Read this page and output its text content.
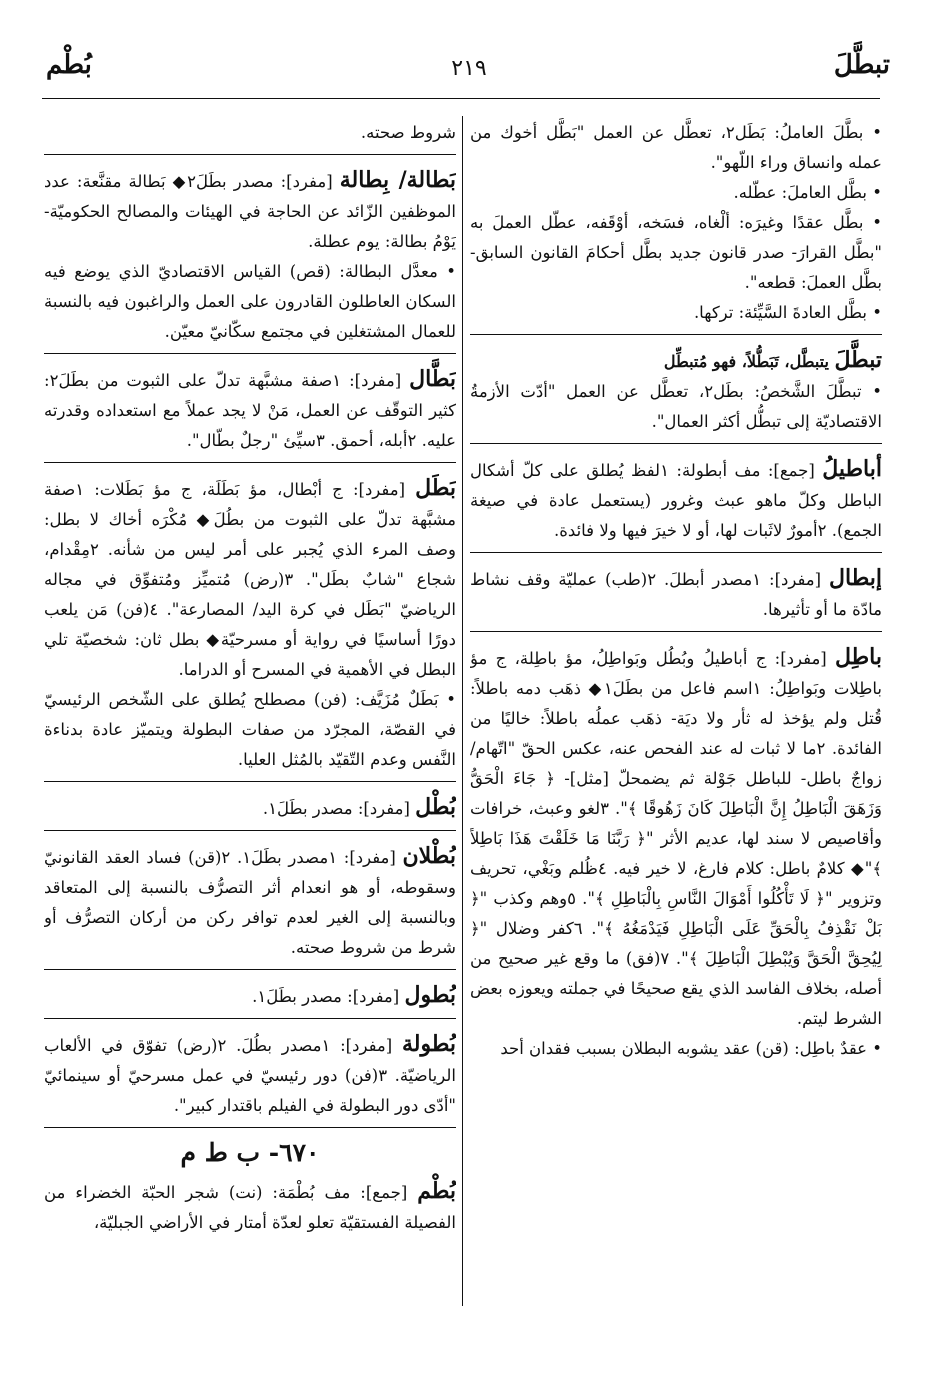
تبطَّلَ
٢١٩
بُطْم

• بطَّلَ العاملُ: بَطَل٢، تعطَّل عن العمل "بَطَّل أخوك من عمله وانساق وراء اللّهو".

• بطَّل العاملَ: عطّله.

• بطَّل عقدًا وغيرَه: ألْغاه، فسَخه، أوْقَفه، عطّل العملَ به "بطَّل القرارَ- صدر قانون جديد بطَّل أحكامَ القانون السابق- بطَّل العملَ: قطعه".

• بطَّل العادةَ السَّيِّئة: تركها.

تبطَّلَ يتبطَّل، تَبَطُّلاً، فهو مُتبطِّل

• تبطَّلَ الشَّخصُ: بطَل٢، تعطَّل عن العمل "أدّت الأزمةُ الاقتصاديّة إلى تبطُّل أكثر العمال".

أباطيلُ [جمع]: مف أبطولة: ١لفظ يُطلق على كلّ أشكال الباطل وكلّ ماهو عبث وغرور (يستعمل عادة في صيغة الجمع). ٢أمورٌ لاثَبات لها، أو لا خيرَ فيها ولا فائدة.

إبطال [مفرد]: ١مصدر أبطلَ. ٢(طب) عمليّة وقف نشاط مادّة ما أو تأثيرها.

باطِل [مفرد]: ج أباطيلُ وبُطُل وبَواطِلُ، مؤ باطِلة، ج مؤ باطِلات وبَواطِلُ: ١اسم فاعل من بطَلَ١◆ ذهَب دمه باطلاً: قُتل ولم يؤخذ له ثأر ولا ديَة- ذهَب عملُه باطلاً: خاليًا من الفائدة. ٢ما لا ثبات له عند الفحص عنه، عكس الحقّ "اتّهام/ زواجٌ باطل- للباطل جَوْلة ثم يضمحلّ [مثل]- ﴿ جَاءَ الْحَقُّ وَزَهَقَ الْبَاطِلُ إِنَّ الْبَاطِلَ كَانَ زَهُوقًا ﴾". ٣لغو وعبث، خرافات وأقاصيص لا سند لها، عديم الأثر "﴿ رَبَّنَا مَا خَلَقْتَ هَذَا بَاطِلاً ﴾"◆ كلامٌ باطل: كلام فارغ، لا خير فيه. ٤ظُلم وبَغْي، تحريف وتزوير "﴿ لَا تَأْكُلُوا أَمْوَالَ النَّاسِ بِالْبَاطِلِ ﴾". ٥وهم وكذب "﴿ بَلْ نَقْذِفُ بِالْحَقِّ عَلَى الْبَاطِلِ فَيَدْمَغُهُ ﴾". ٦كفر وضلال "﴿ لِيُحِقَّ الْحَقَّ وَيُبْطِلَ الْبَاطِلَ ﴾". ٧(فق) ما وقع غير صحيح من أصله، بخلاف الفاسد الذي يقع صحيحًا في جملته ويعوزه بعض الشرط ليتم.

• عقدٌ باطِل: (قن) عقد يشوبه البطلان بسبب فقدان أحد

شروط صحته.

بَطالة/ بِطالة [مفرد]: مصدر بطَلَ٢◆ بَطالة مقنَّعة: عدد الموظفين الزّائد عن الحاجة في الهيئات والمصالح الحكوميّة- يَوْمُ بطالة: يوم عطلة.

• معدَّل البطالة: (قص) القياس الاقتصاديّ الذي يوضع فيه السكان العاطلون القادرون على العمل والراغبون فيه بالنسبة للعمال المشتغلين في مجتمع سكّانيّ معيّن.

بَطَّال [مفرد]: ١صفة مشبَّهة تدلّ على الثبوت من بطَلَ٢: كثير التوقّف عن العمل، مَنْ لا يجد عملاً مع استعداده وقدرته عليه. ٢أبله، أحمق. ٣سيِّئ "رجلٌ بطّال".

بَطَل [مفرد]: ج أبْطال، مؤ بَطَلَة، ج مؤ بَطَلات: ١صفة مشبَّهة تدلّ على الثبوت من بطُلَ◆ مُكْرَه أخاك لا بطل: وصف المرء الذي يُجبر على أمر ليس من شأنه. ٢مِقْدام، شجاع "شابٌ بطَل". ٣(رض) مُتميِّز ومُتفوِّق في مجاله الرياضيّ "بَطَل في كرة اليد/ المصارعة". ٤(فن) مَن يلعب دورًا أساسيًا في رواية أو مسرحيّة◆ بطل ثان: شخصيّة تلي البطل في الأهمية في المسرح أو الدراما.

• بَطَلٌ مُزَيَّف: (فن) مصطلح يُطلق على الشّخص الرئيسيّ في القصّة، المجرّد من صفات البطولة ويتميّز عادة بدناءة النَّفس وعدم التّقيّد بالمُثل العليا.

بُطْل [مفرد]: مصدر بطَلَ١.

بُطْلان [مفرد]: ١مصدر بطَلَ١. ٢(قن) فساد العقد القانونيّ وسقوطه، أو هو انعدام أثر التصرُّف بالنسبة إلى المتعاقد وبالنسبة إلى الغير لعدم توافر ركن من أركان التصرُّف أو شرط من شروط صحته.

بُطول [مفرد]: مصدر بطَلَ١.

بُطولة [مفرد]: ١مصدر بطُلَ. ٢(رض) تفوّق في الألعاب الرياضيّة. ٣(فن) دور رئيسيّ في عمل مسرحيّ أو سينمائيّ "أدّى دور البطولة في الفيلم باقتدار كبير".

٦٧٠- ب ط م

بُطْم [جمع]: مف بُطْمَة: (نت) شجر الحبّة الخضراء من الفصيلة الفستقيّة تعلو لعدّة أمتار في الأراضي الجبليّة،
